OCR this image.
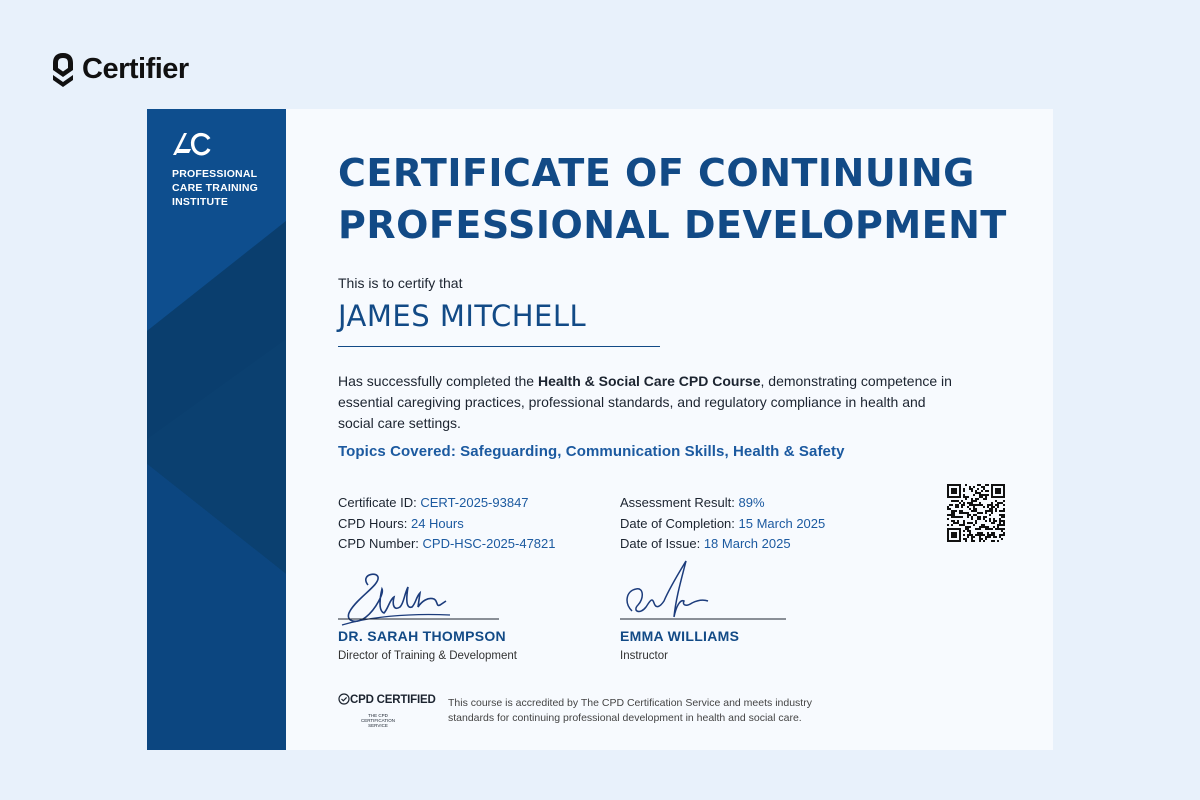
Certifier
PROFESSIONAL CARE TRAINING INSTITUTE
CERTIFICATE OF CONTINUING PROFESSIONAL DEVELOPMENT
This is to certify that
JAMES MITCHELL

Has successfully completed the Health & Social Care CPD Course, demonstrating competence in essential caregiving practices, professional standards, and regulatory compliance in health and social care settings.

Topics Covered: Safeguarding, Communication Skills, Health & Safety
Certificate ID: CERT-2025-93847
CPD Hours: 24 Hours
CPD Number: CPD-HSC-2025-47821
Assessment Result: 89%
Date of Completion: 15 March 2025
Date of Issue: 18 March 2025
DR. SARAH THOMPSON
Director of Training & Development
EMMA WILLIAMS
Instructor
CPD CERTIFIED
THE CPD CERTIFICATION SERVICE
This course is accredited by The CPD Certification Service and meets industry standards for continuing professional development in health and social care.
★ ★ ★
CPD
Premium
Quality
